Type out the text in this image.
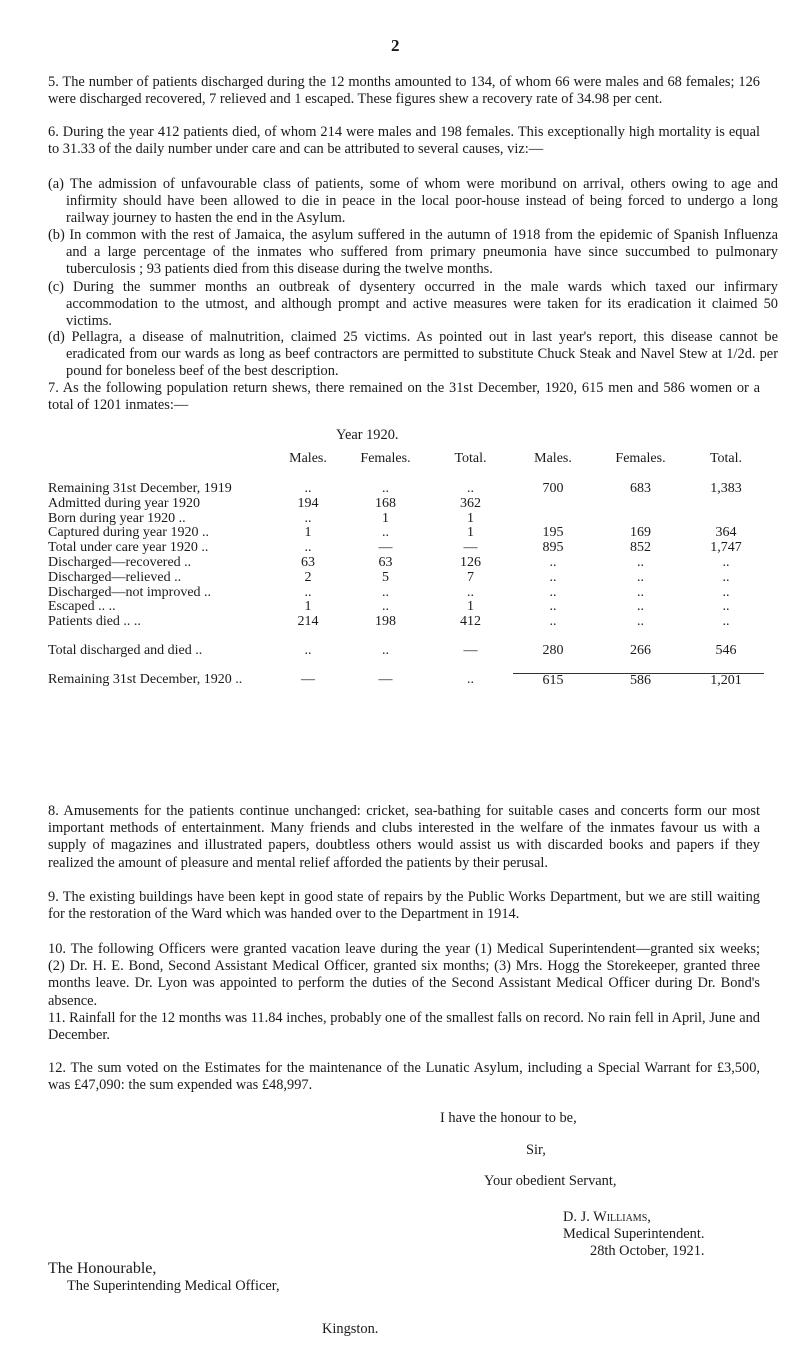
2

5. The number of patients discharged during the 12 months amounted to 134, of whom 66 were males and 68 females; 126 were discharged recovered, 7 relieved and 1 escaped. These figures shew a recovery rate of 34.98 per cent.

6. During the year 412 patients died, of whom 214 were males and 198 females. This exceptionally high mortality is equal to 31.33 of the daily number under care and can be attributed to several causes, viz:—

(a) The admission of unfavourable class of patients, some of whom were moribund on arrival, others owing to age and infirmity should have been allowed to die in peace in the local poor-house instead of being forced to undergo a long railway journey to hasten the end in the Asylum.

(b) In common with the rest of Jamaica, the asylum suffered in the autumn of 1918 from the epidemic of Spanish Influenza and a large percentage of the inmates who suffered from primary pneumonia have since succumbed to pulmonary tuberculosis ; 93 patients died from this disease during the twelve months.

(c) During the summer months an outbreak of dysentery occurred in the male wards which taxed our infirmary accommodation to the utmost, and although prompt and active measures were taken for its eradication it claimed 50 victims.

(d) Pellagra, a disease of malnutrition, claimed 25 victims. As pointed out in last year's report, this disease cannot be eradicated from our wards as long as beef contractors are permitted to substitute Chuck Steak and Navel Stew at 1/2d. per pound for boneless beef of the best description.

7. As the following population return shews, there remained on the 31st December, 1920, 615 men and 586 women or a total of 1201 inmates:—

Year 1920.
	Males.	Females.	Total.	Males.	Females.	Total.
Remaining 31st December, 1919	..	..	..	700	683	1,383
Admitted during year 1920	194	168	362			
Born during year 1920 ..	..	1	1			
Captured during year 1920 ..	1	..	1	195	169	364
Total under care year 1920 ..	..	—	—	895	852	1,747
Discharged—recovered ..	63	63	126	..	..	..
Discharged—relieved ..	2	5	7	..	..	..
Discharged—not improved ..	..	..	..	..	..	..
Escaped .. ..	1	..	1	..	..	..
Patients died .. ..	214	198	412	..	..	..

Total discharged and died ..	..	..	—	280	266	546

Remaining 31st December, 1920 ..	—	—	..	615	586	1,201

8. Amusements for the patients continue unchanged: cricket, sea-bathing for suitable cases and concerts form our most important methods of entertainment. Many friends and clubs interested in the welfare of the inmates favour us with a supply of magazines and illustrated papers, doubtless others would assist us with discarded books and papers if they realized the amount of pleasure and mental relief afforded the patients by their perusal.

9. The existing buildings have been kept in good state of repairs by the Public Works Department, but we are still waiting for the restoration of the Ward which was handed over to the Department in 1914.

10. The following Officers were granted vacation leave during the year (1) Medical Superintendent—granted six weeks; (2) Dr. H. E. Bond, Second Assistant Medical Officer, granted six months; (3) Mrs. Hogg the Storekeeper, granted three months leave. Dr. Lyon was appointed to perform the duties of the Second Assistant Medical Officer during Dr. Bond's absence.

11. Rainfall for the 12 months was 11.84 inches, probably one of the smallest falls on record. No rain fell in April, June and December.

12. The sum voted on the Estimates for the maintenance of the Lunatic Asylum, including a Special Warrant for £3,500, was £47,090: the sum expended was £48,997.

I have the honour to be,

Sir,

Your obedient Servant,

D. J. Williams,

Medical Superintendent.

28th October, 1921.

The Honourable,

The Superintending Medical Officer,

Kingston.
